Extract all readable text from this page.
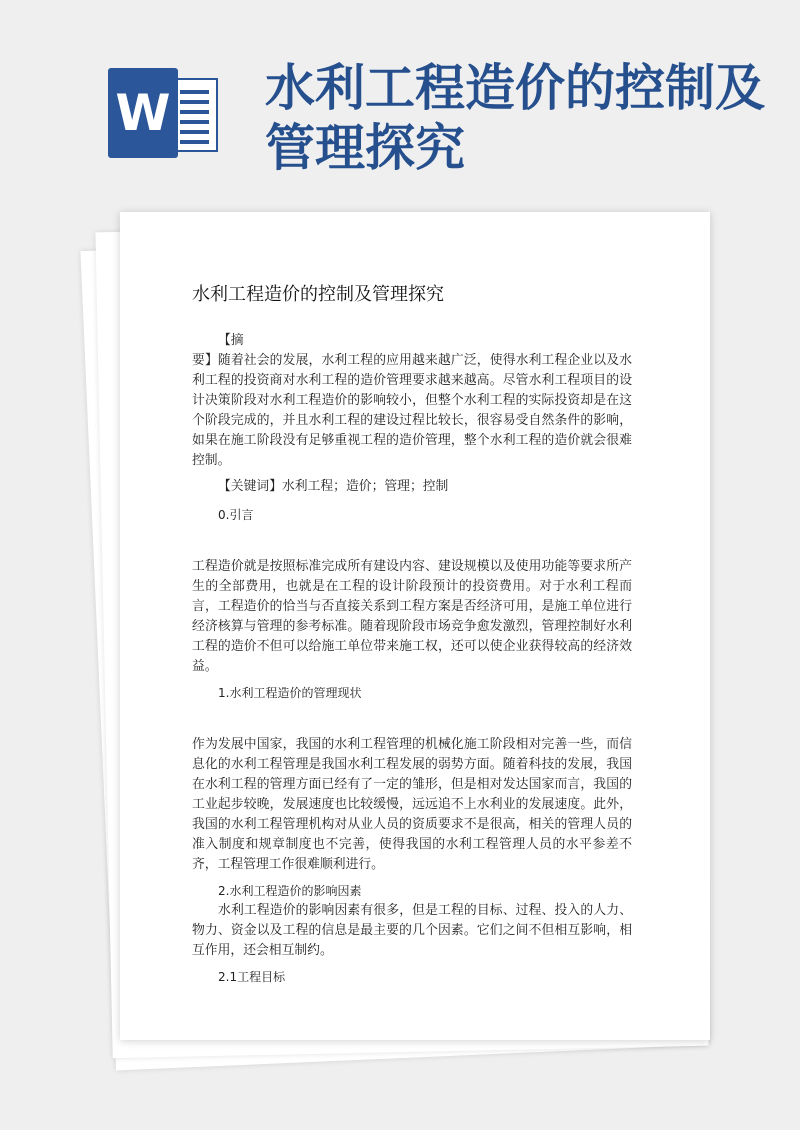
W 水利工程造价的控制及管理探究
水利工程造价的控制及管理探究
【摘

要】随着社会的发展，水利工程的应用越来越广泛，使得水利工程企业以及水利工程的投资商对水利工程的造价管理要求越来越高。尽管水利工程项目的设计决策阶段对水利工程造价的影响较小，但整个水利工程的实际投资却是在这个阶段完成的，并且水利工程的建设过程比较长，很容易受自然条件的影响，如果在施工阶段没有足够重视工程的造价管理，整个水利工程的造价就会很难控制。

【关键词】水利工程；造价；管理；控制
0.引言

工程造价就是按照标准完成所有建设内容、建设规模以及使用功能等要求所产生的全部费用，也就是在工程的设计阶段预计的投资费用。对于水利工程而言，工程造价的恰当与否直接关系到工程方案是否经济可用，是施工单位进行经济核算与管理的参考标准。随着现阶段市场竞争愈发激烈，管理控制好水利工程的造价不但可以给施工单位带来施工权，还可以使企业获得较高的经济效益。

1.水利工程造价的管理现状

作为发展中国家，我国的水利工程管理的机械化施工阶段相对完善一些，而信息化的水利工程管理是我国水利工程发展的弱势方面。随着科技的发展，我国在水利工程的管理方面已经有了一定的雏形，但是相对发达国家而言，我国的工业起步较晚，发展速度也比较缓慢，远远追不上水利业的发展速度。此外，我国的水利工程管理机构对从业人员的资质要求不是很高，相关的管理人员的准入制度和规章制度也不完善，使得我国的水利工程管理人员的水平参差不齐，工程管理工作很难顺利进行。

2.水利工程造价的影响因素

水利工程造价的影响因素有很多，但是工程的目标、过程、投入的人力、物力、资金以及工程的信息是最主要的几个因素。它们之间不但相互影响，相互作用，还会相互制约。

2.1工程目标
